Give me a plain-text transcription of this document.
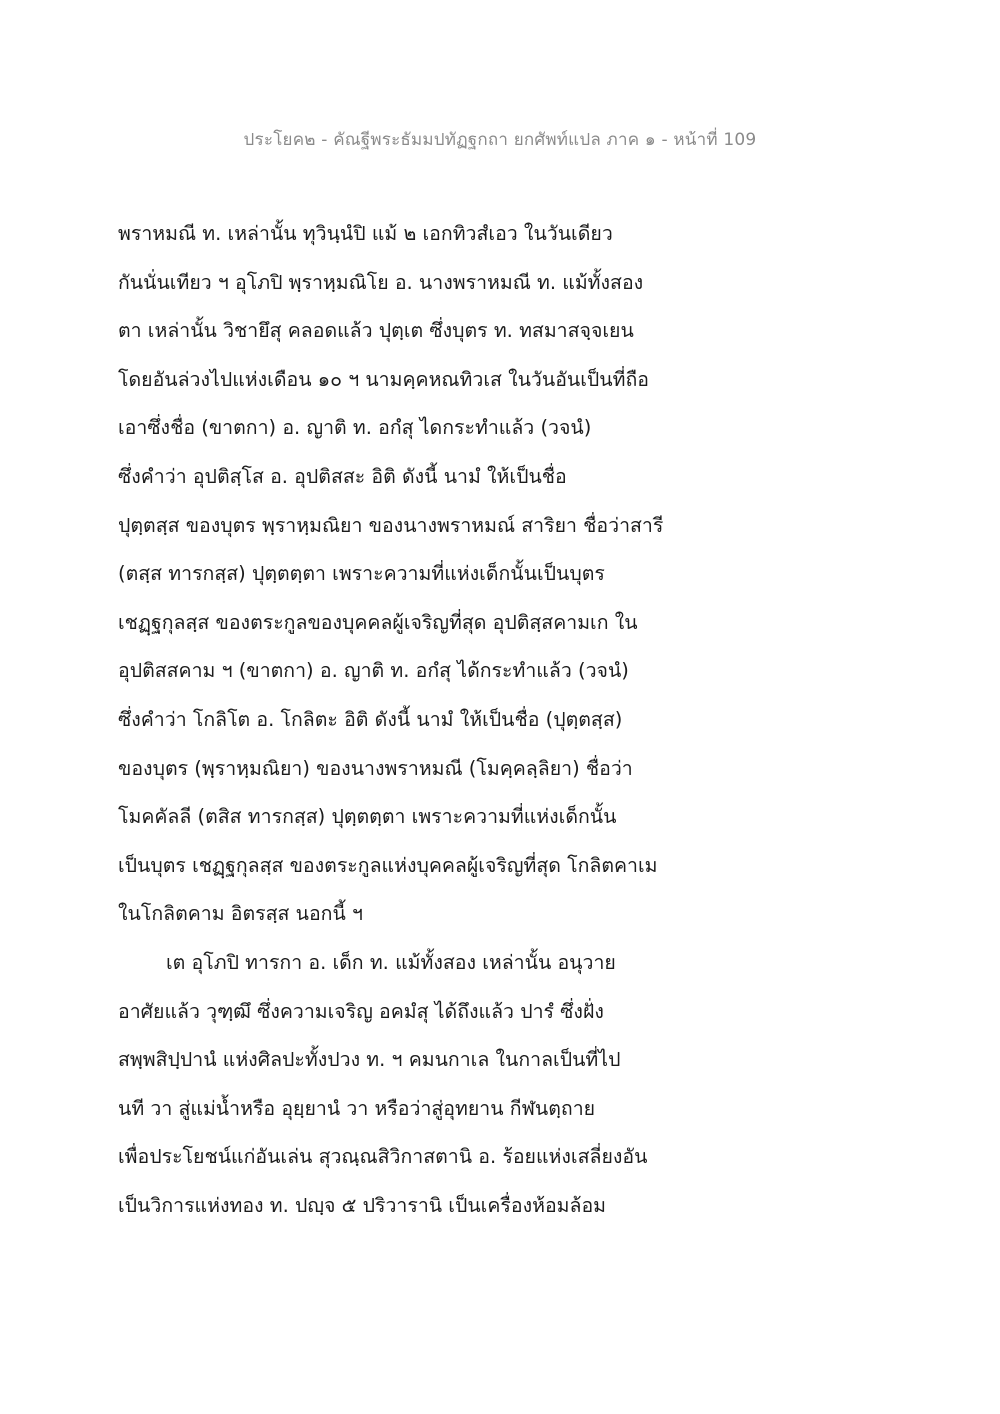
ประโยค๒ - คัณฐีพระธัมมปทัฏฐกถา ยกศัพท์แปล ภาค ๑ - หน้าที่ 109
พราหมณี ท. เหล่านั้น ทุวินฺนํปิ แม้ ๒ เอกทิวสํเอว ในวันเดียว
กันนั่นเทียว ฯ อุโภปิ พฺราหฺมณิโย อ. นางพราหมณี ท. แม้ทั้งสอง
ตา เหล่านั้น วิชายึสุ คลอดแล้ว ปุตฺเต ซึ่งบุตร ท. ทสมาสจฺจเยน
โดยอันล่วงไปแห่งเดือน ๑๐ ฯ นามคฺคหณทิวเส ในวันอันเป็นที่ถือ
เอาซึ่งชื่อ (ขาตกา) อ. ญาติ ท. อกํสุ ไดกระทำแล้ว (วจนํ)
ซึ่งคำว่า อุปติสฺโส อ. อุปติสสะ อิติ ดังนี้ นามํ ให้เป็นชื่อ
ปุตฺตสฺส ของบุตร พฺราหฺมณิยา ของนางพราหมณ์ สาริยา ชื่อว่าสารี
(ตสฺส ทารกสฺส) ปุตฺตตฺตา เพราะความที่แห่งเด็กนั้นเป็นบุตร
เชฏฺฐกุลสฺส ของตระกูลของบุคคลผู้เจริญที่สุด อุปติสฺสคามเก ใน
อุปติสสคาม ฯ (ขาตกา) อ. ญาติ ท. อกํสุ ได้กระทำแล้ว (วจนํ)
ซึ่งคำว่า โกลิโต อ. โกลิตะ อิติ ดังนี้ นามํ ให้เป็นชื่อ (ปุตฺตสฺส)
ของบุตร (พฺราหฺมณิยา) ของนางพราหมณี (โมคฺคลฺลิยา) ชื่อว่า
โมคคัลลี (ตสิส ทารกสฺส) ปุตฺตตฺตา เพราะความที่แห่งเด็กนั้น
เป็นบุตร เชฏฺฐกุลสฺส ของตระกูลแห่งบุคคลผู้เจริญที่สุด โกลิตคาเม
ในโกลิตคาม อิตรสฺส นอกนี้ ฯ
เต อุโภปิ ทารกา อ. เด็ก ท. แม้ทั้งสอง เหล่านั้น อนุวาย
อาศัยแล้ว วุฑฺฒึ ซึ่งความเจริญ อคมํสุ ได้ถึงแล้ว ปารํ ซึ่งฝั่ง
สพฺพสิปฺปานํ แห่งศิลปะทั้งปวง ท. ฯ คมนกาเล ในกาลเป็นที่ไป
นที วา สู่แม่น้ำหรือ อุยฺยานํ วา หรือว่าสู่อุทยาน กีฬนตฺถาย
เพื่อประโยชน์แก่อันเล่น สุวณฺณสิวิกาสตานิ อ. ร้อยแห่งเสลี่ยงอัน
เป็นวิการแห่งทอง ท. ปญฺจ ๕ ปริวารานิ เป็นเครื่องห้อมล้อม
